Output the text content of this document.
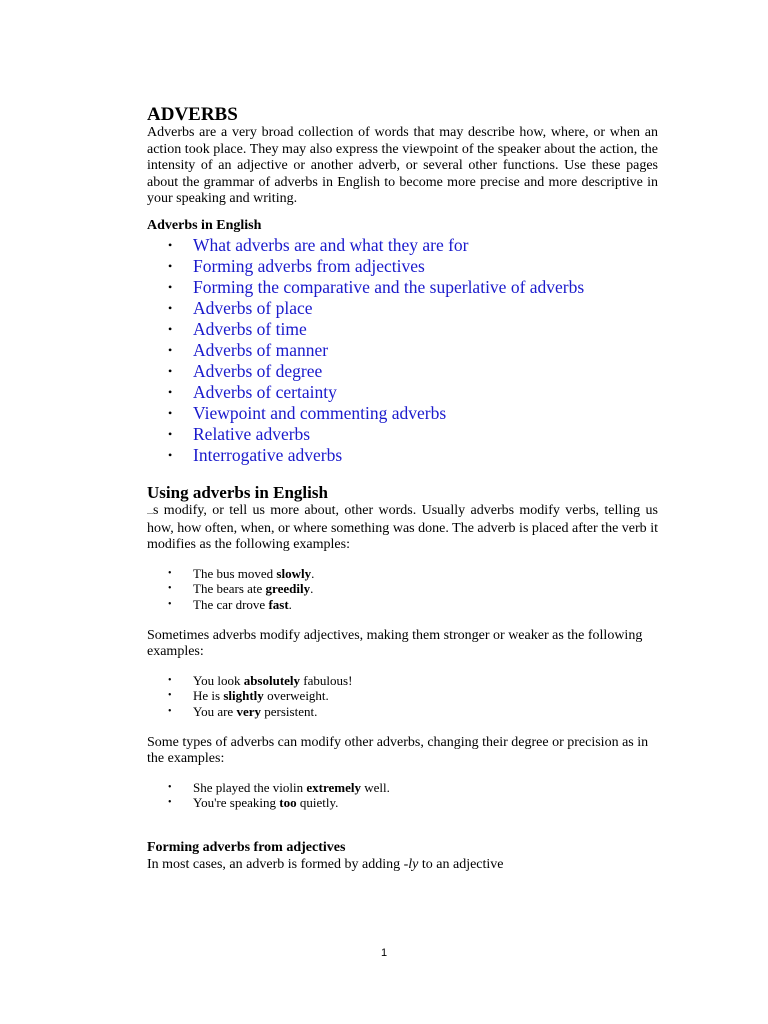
ADVERBS

Adverbs are a very broad collection of words that may describe how, where, or when an action took place. They may also express the viewpoint of the speaker about the action, the intensity of an adjective or another adverb, or several other functions. Use these pages about the grammar of adverbs in English to become more precise and more descriptive in your speaking and writing.

Adverbs in English
• What adverbs are and what they are for
• Forming adverbs from adjectives
• Forming the comparative and the superlative of adverbs
• Adverbs of place
• Adverbs of time
• Adverbs of manner
• Adverbs of degree
• Adverbs of certainty
• Viewpoint and commenting adverbs
• Relative adverbs
• Interrogative adverbs
Using adverbs in English

...s modify, or tell us more about, other words. Usually adverbs modify verbs, telling us how, how often, when, or where something was done. The adverb is placed after the verb it modifies as the following examples:

• The bus moved slowly.
• The bears ate greedily.
• The car drove fast.

Sometimes adverbs modify adjectives, making them stronger or weaker as the following examples:

• You look absolutely fabulous!
• He is slightly overweight.
• You are very persistent.

Some types of adverbs can modify other adverbs, changing their degree or precision as in the examples:

• She played the violin extremely well.
• You're speaking too quietly.
Forming adverbs from adjectives

In most cases, an adverb is formed by adding -ly to an adjective

1
